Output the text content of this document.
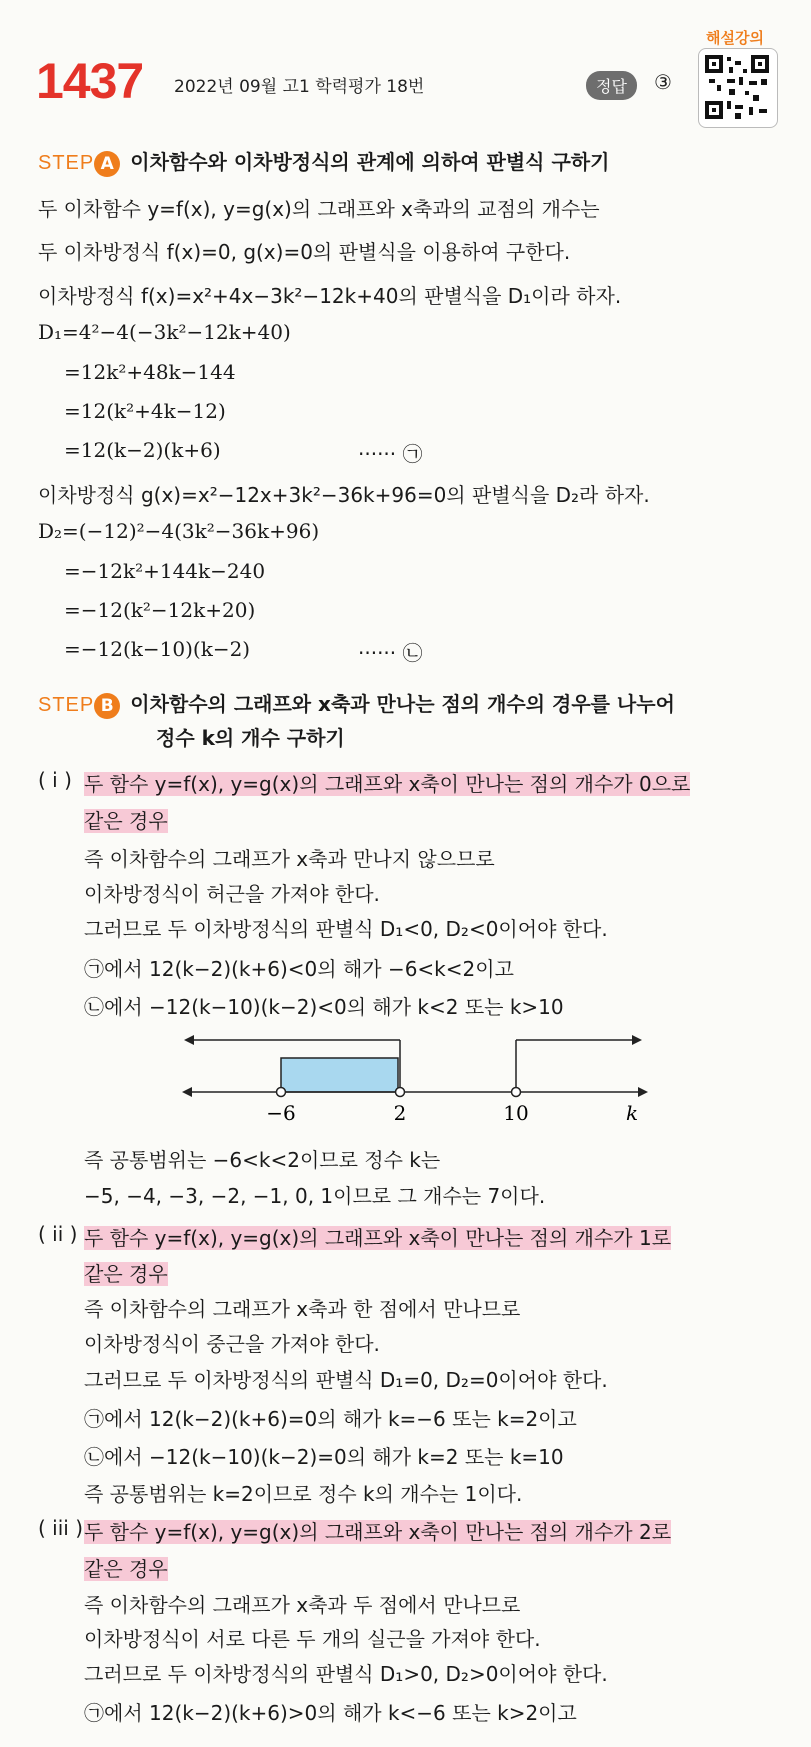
1437 2022년 09월 고1 학력평가 18번	정답	③
해설강의
STEP A 이차함수와 이차방정식의 관계에 의하여 판별식 구하기
두 이차함수 y=f(x), y=g(x)의 그래프와 x축과의 교점의 개수는
두 이차방정식 f(x)=0, g(x)=0의 판별식을 이용하여 구한다.
이차방정식 f(x)=x²+4x−3k²−12k+40의 판별식을 D₁이라 하자.
D₁=4²−4(−3k²−12k+40)
=12k²+48k−144
=12(k²+4k−12)
=12(k−2)(k+6)	······ ㉠
이차방정식 g(x)=x²−12x+3k²−36k+96=0의 판별식을 D₂라 하자.
D₂=(−12)²−4(3k²−36k+96)
=−12k²+144k−240
=−12(k²−12k+20)
=−12(k−10)(k−2)	······ ㉡
STEP B 이차함수의 그래프와 x축과 만나는 점의 개수의 경우를 나누어
정수 k의 개수 구하기
( i ) 두 함수 y=f(x), y=g(x)의 그래프와 x축이 만나는 점의 개수가 0으로
같은 경우
즉 이차함수의 그래프가 x축과 만나지 않으므로
이차방정식이 허근을 가져야 한다.
그러므로 두 이차방정식의 판별식 D₁<0, D₂<0이어야 한다.
㉠에서 12(k−2)(k+6)<0의 해가 −6<k<2이고
㉡에서 −12(k−10)(k−2)<0의 해가 k<2 또는 k>10
−6	2	10	k
즉 공통범위는 −6<k<2이므로 정수 k는
−5, −4, −3, −2, −1, 0, 1이므로 그 개수는 7이다.
( ii ) 두 함수 y=f(x), y=g(x)의 그래프와 x축이 만나는 점의 개수가 1로
같은 경우
즉 이차함수의 그래프가 x축과 한 점에서 만나므로
이차방정식이 중근을 가져야 한다.
그러므로 두 이차방정식의 판별식 D₁=0, D₂=0이어야 한다.
㉠에서 12(k−2)(k+6)=0의 해가 k=−6 또는 k=2이고
㉡에서 −12(k−10)(k−2)=0의 해가 k=2 또는 k=10
즉 공통범위는 k=2이므로 정수 k의 개수는 1이다.
( iii ) 두 함수 y=f(x), y=g(x)의 그래프와 x축이 만나는 점의 개수가 2로
같은 경우
즉 이차함수의 그래프가 x축과 두 점에서 만나므로
이차방정식이 서로 다른 두 개의 실근을 가져야 한다.
그러므로 두 이차방정식의 판별식 D₁>0, D₂>0이어야 한다.
㉠에서 12(k−2)(k+6)>0의 해가 k<−6 또는 k>2이고
